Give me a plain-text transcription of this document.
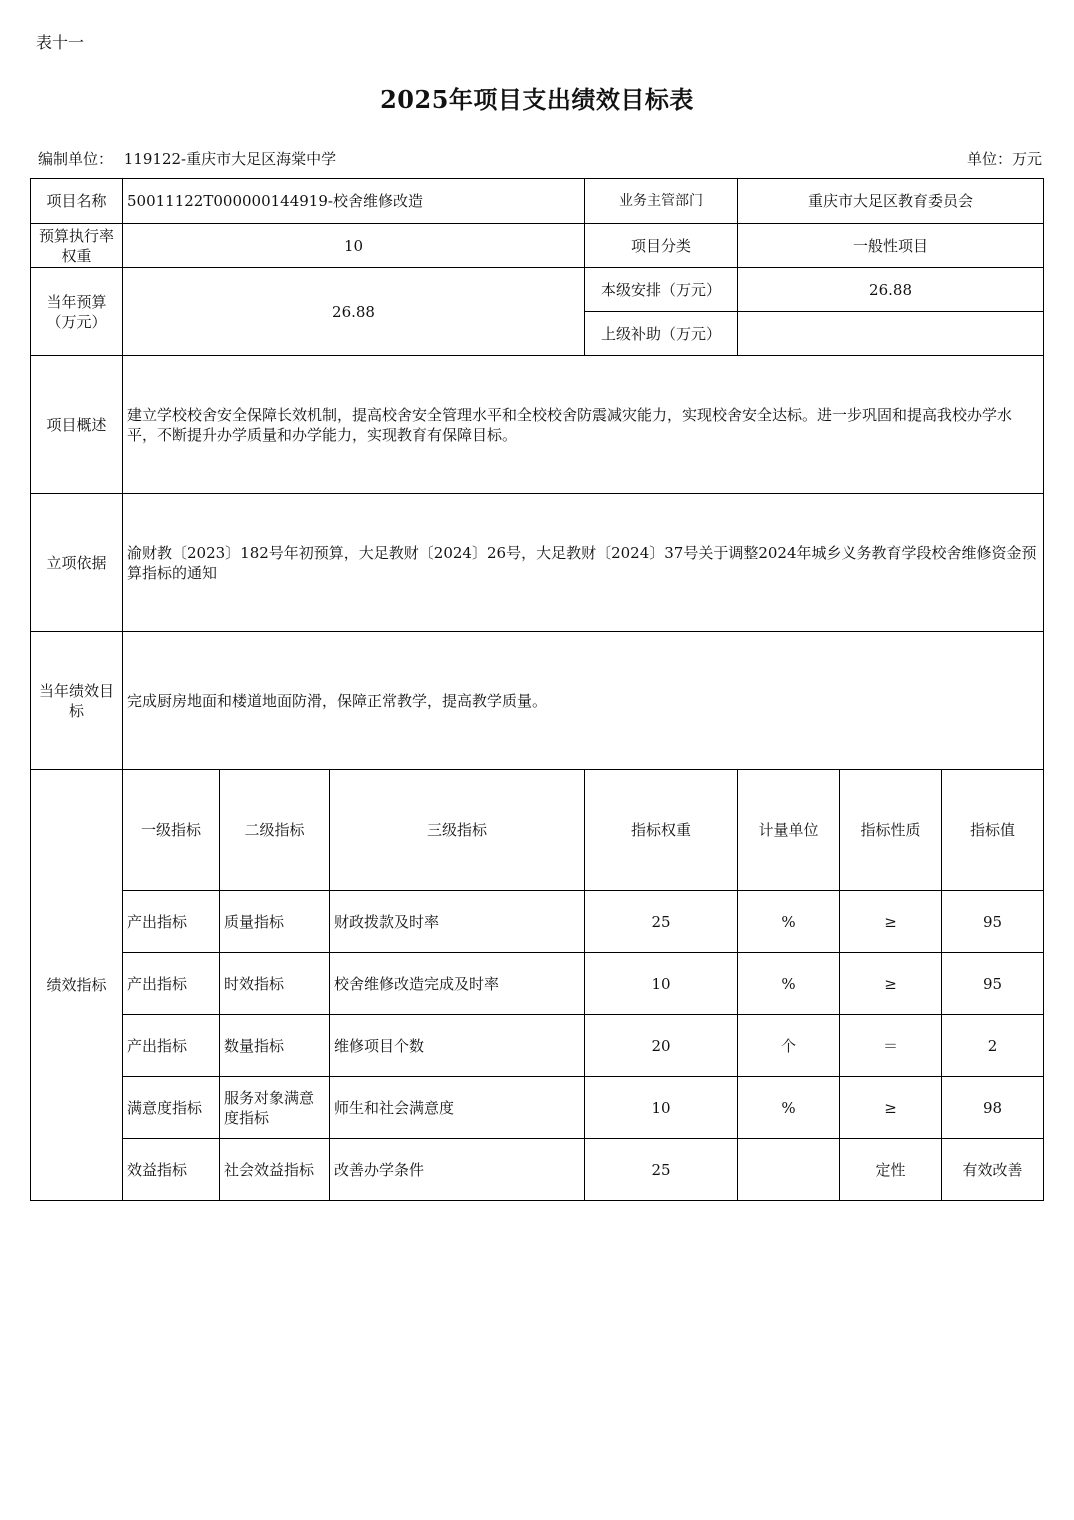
表十一
2025年项目支出绩效目标表
编制单位： 119122-重庆市大足区海棠中学	单位：万元
项目名称	50011122T000000144919-校舍维修改造			业务主管部门	重庆市大足区教育委员会			
预算执行率权重	10			项目分类	一般性项目			
当年预算（万元）	26.88			本级安排（万元）	26.88			
				上级补助（万元）				
项目概述	建立学校校舍安全保障长效机制，提高校舍安全管理水平和全校校舍防震减灾能力，实现校舍安全达标。进一步巩固和提高我校办学水平，不断提升办学质量和办学能力，实现教育有保障目标。							
立项依据	渝财教〔2023〕182号年初预算，大足教财〔2024〕26号，大足教财〔2024〕37号关于调整2024年城乡义务教育学段校舍维修资金预算指标的通知							
当年绩效目标	完成厨房地面和楼道地面防滑，保障正常教学，提高教学质量。							
绩效指标	一级指标	二级指标	三级指标	指标权重	计量单位	指标性质	指标值	
	产出指标	质量指标	财政拨款及时率	25	%	≥	95	
	产出指标	时效指标	校舍维修改造完成及时率	10	%	≥	95	
	产出指标	数量指标	维修项目个数	20	个	＝	2	
	满意度指标	服务对象满意度指标	师生和社会满意度	10	%	≥	98	
	效益指标	社会效益指标	改善办学条件	25		定性	有效改善	
